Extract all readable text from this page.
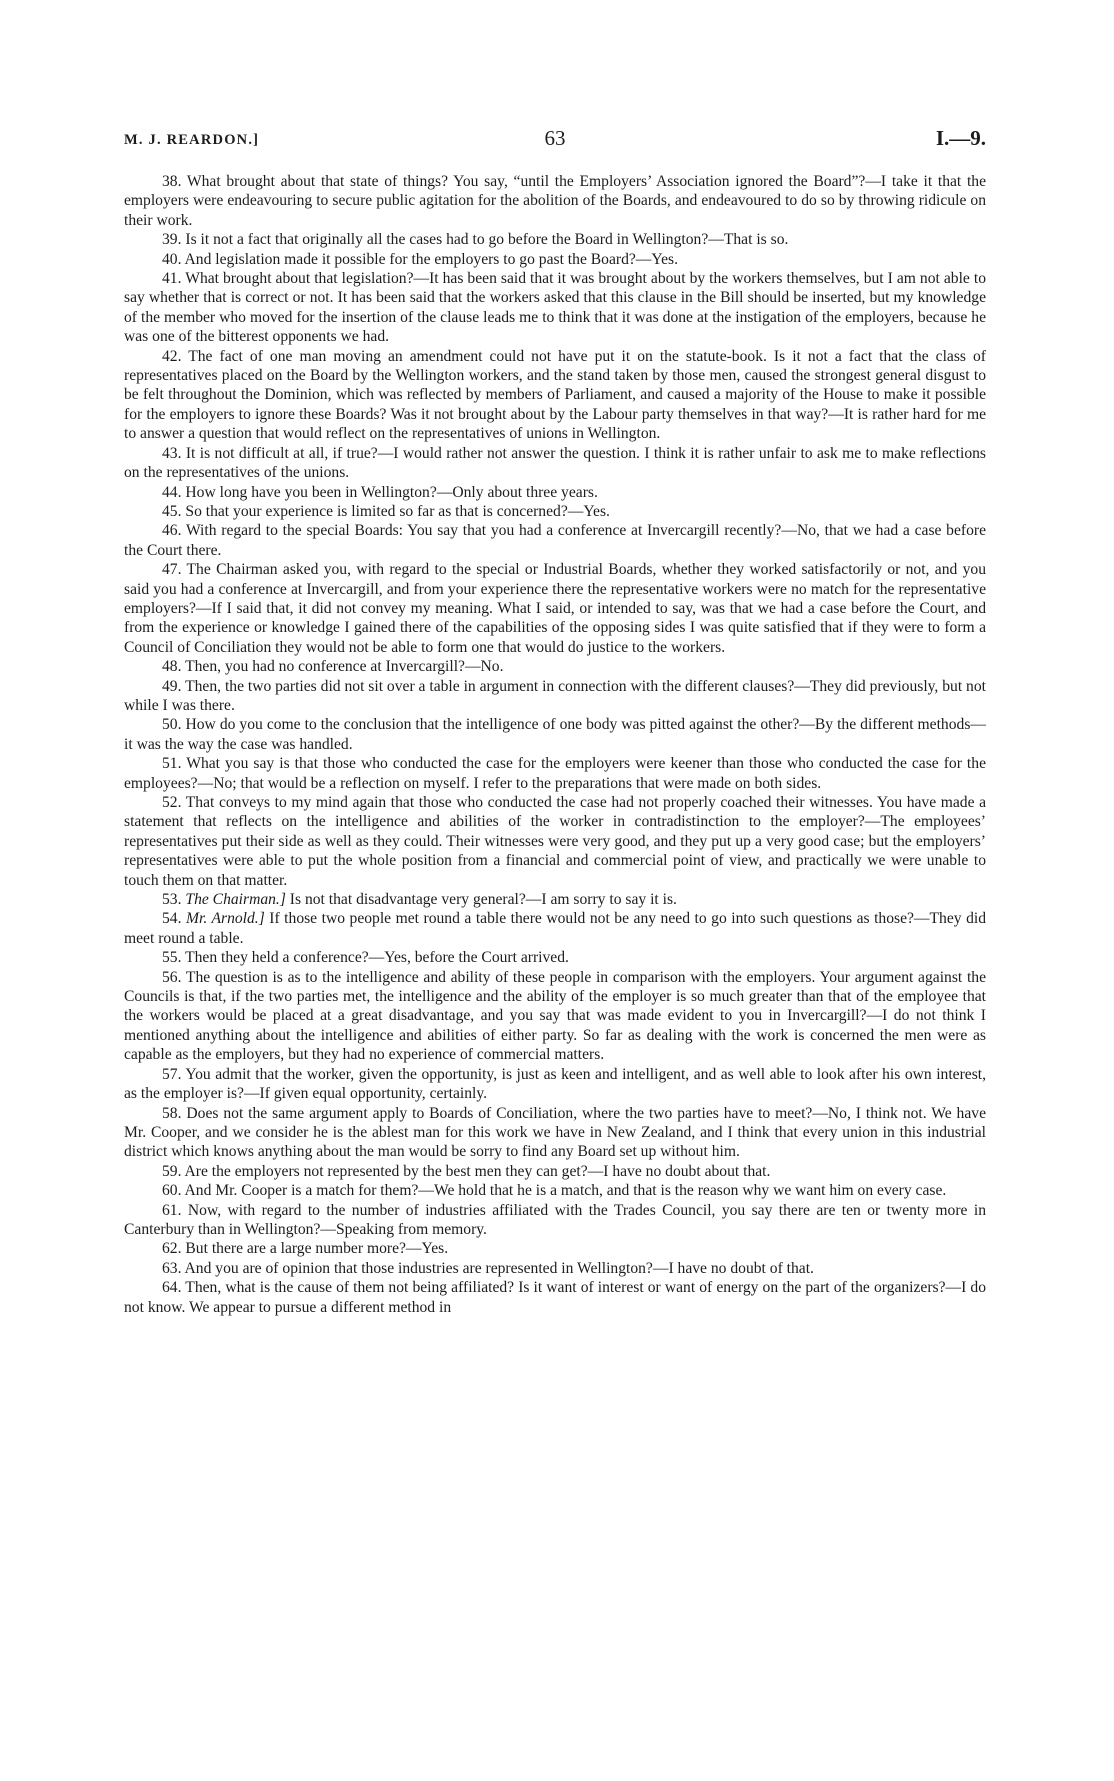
M. J. REARDON.]	63	I.—9.

38. What brought about that state of things? You say, “until the Employers’ Association ignored the Board”?—I take it that the employers were endeavouring to secure public agitation for the abolition of the Boards, and endeavoured to do so by throwing ridicule on their work.

39. Is it not a fact that originally all the cases had to go before the Board in Wellington?—That is so.

40. And legislation made it possible for the employers to go past the Board?—Yes.

41. What brought about that legislation?—It has been said that it was brought about by the workers themselves, but I am not able to say whether that is correct or not. It has been said that the workers asked that this clause in the Bill should be inserted, but my knowledge of the member who moved for the insertion of the clause leads me to think that it was done at the instigation of the employers, because he was one of the bitterest opponents we had.

42. The fact of one man moving an amendment could not have put it on the statute-book. Is it not a fact that the class of representatives placed on the Board by the Wellington workers, and the stand taken by those men, caused the strongest general disgust to be felt throughout the Dominion, which was reflected by members of Parliament, and caused a majority of the House to make it possible for the employers to ignore these Boards? Was it not brought about by the Labour party themselves in that way?—It is rather hard for me to answer a question that would reflect on the representatives of unions in Wellington.

43. It is not difficult at all, if true?—I would rather not answer the question. I think it is rather unfair to ask me to make reflections on the representatives of the unions.

44. How long have you been in Wellington?—Only about three years.

45. So that your experience is limited so far as that is concerned?—Yes.

46. With regard to the special Boards: You say that you had a conference at Invercargill recently?—No, that we had a case before the Court there.

47. The Chairman asked you, with regard to the special or Industrial Boards, whether they worked satisfactorily or not, and you said you had a conference at Invercargill, and from your experience there the representative workers were no match for the representative employers?—If I said that, it did not convey my meaning. What I said, or intended to say, was that we had a case before the Court, and from the experience or knowledge I gained there of the capabilities of the opposing sides I was quite satisfied that if they were to form a Council of Conciliation they would not be able to form one that would do justice to the workers.

48. Then, you had no conference at Invercargill?—No.

49. Then, the two parties did not sit over a table in argument in connection with the different clauses?—They did previously, but not while I was there.

50. How do you come to the conclusion that the intelligence of one body was pitted against the other?—By the different methods—it was the way the case was handled.

51. What you say is that those who conducted the case for the employers were keener than those who conducted the case for the employees?—No; that would be a reflection on myself. I refer to the preparations that were made on both sides.

52. That conveys to my mind again that those who conducted the case had not properly coached their witnesses. You have made a statement that reflects on the intelligence and abilities of the worker in contradistinction to the employer?—The employees’ representatives put their side as well as they could. Their witnesses were very good, and they put up a very good case; but the employers’ representatives were able to put the whole position from a financial and commercial point of view, and practically we were unable to touch them on that matter.

53. The Chairman.] Is not that disadvantage very general?—I am sorry to say it is.

54. Mr. Arnold.] If those two people met round a table there would not be any need to go into such questions as those?—They did meet round a table.

55. Then they held a conference?—Yes, before the Court arrived.

56. The question is as to the intelligence and ability of these people in comparison with the employers. Your argument against the Councils is that, if the two parties met, the intelligence and the ability of the employer is so much greater than that of the employee that the workers would be placed at a great disadvantage, and you say that was made evident to you in Invercargill?—I do not think I mentioned anything about the intelligence and abilities of either party. So far as dealing with the work is concerned the men were as capable as the employers, but they had no experience of commercial matters.

57. You admit that the worker, given the opportunity, is just as keen and intelligent, and as well able to look after his own interest, as the employer is?—If given equal opportunity, certainly.

58. Does not the same argument apply to Boards of Conciliation, where the two parties have to meet?—No, I think not. We have Mr. Cooper, and we consider he is the ablest man for this work we have in New Zealand, and I think that every union in this industrial district which knows anything about the man would be sorry to find any Board set up without him.

59. Are the employers not represented by the best men they can get?—I have no doubt about that.

60. And Mr. Cooper is a match for them?—We hold that he is a match, and that is the reason why we want him on every case.

61. Now, with regard to the number of industries affiliated with the Trades Council, you say there are ten or twenty more in Canterbury than in Wellington?—Speaking from memory.

62. But there are a large number more?—Yes.

63. And you are of opinion that those industries are represented in Wellington?—I have no doubt of that.

64. Then, what is the cause of them not being affiliated? Is it want of interest or want of energy on the part of the organizers?—I do not know. We appear to pursue a different method in
